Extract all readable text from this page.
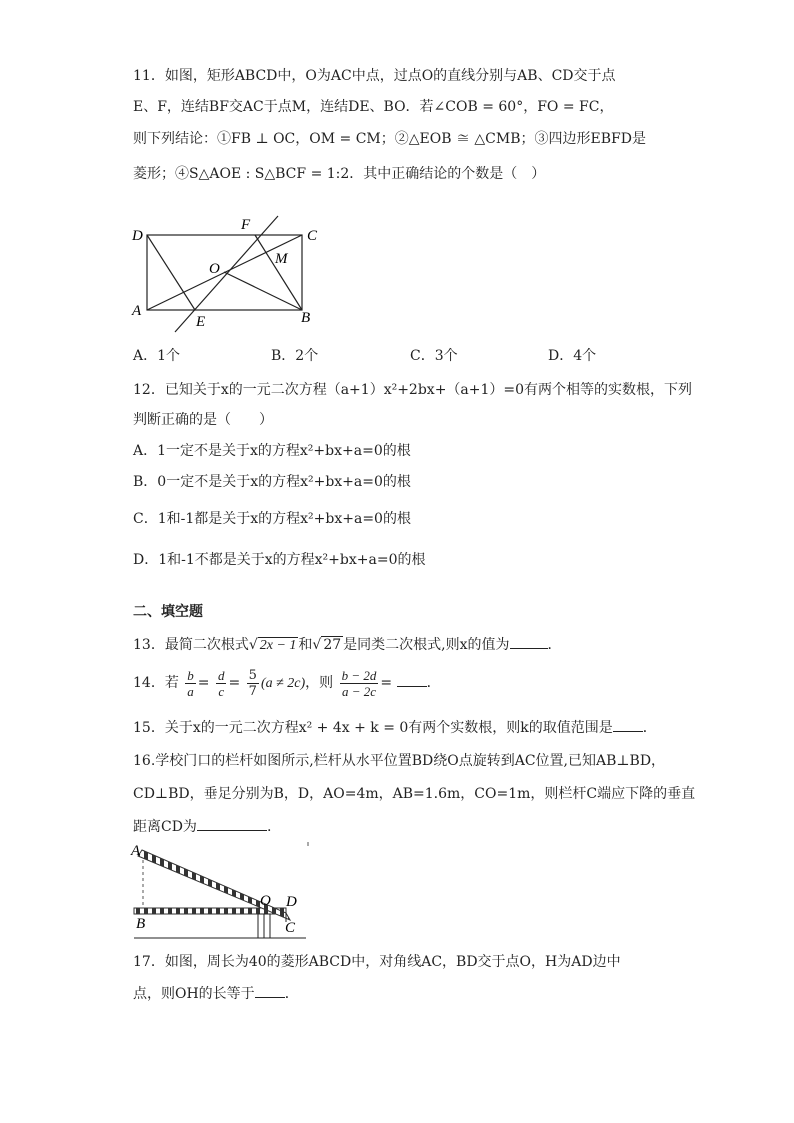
11．如图，矩形ABCD中，O为AC中点，过点O的直线分别与AB、CD交于点
E、F，连结BF交AC于点M，连结DE、BO．若∠COB = 60°，FO = FC，
则下列结论：①FB ⊥ OC，OM = CM；②△EOB ≅ △CMB；③四边形EBFD是
菱形；④S△AOE : S△BCF = 1:2．其中正确结论的个数是（　）
D
F
C
O
M
A
E	B
A．1个	B．2个	C．3个	D．4个
12．已知关于x的一元二次方程（a+1）x²+2bx+（a+1）=0有两个相等的实数根，下列
判断正确的是（　　）
A．1一定不是关于x的方程x²+bx+a=0的根
B．0一定不是关于x的方程x²+bx+a=0的根
C．1和-1都是关于x的方程x²+bx+a=0的根
D．1和-1不都是关于x的方程x²+bx+a=0的根
二、填空题
13．最简二次根式√ 2x − 1 和√ 27 是同类二次根式,则x的值为	．
14．若 $\frac{b}{a} = \frac{d}{c} = \frac{5}{7} (a \ne 2c)$，则 $\frac{b - 2d}{a - 2c}$ = ．
15．关于x的一元二次方程x² + 4x + k = 0有两个实数根，则k的取值范围是 ．
16.学校门口的栏杆如图所示,栏杆从水平位置BD绕O点旋转到AC位置,已知AB⊥BD，
CD⊥BD，垂足分别为B，D，AO=4m，AB=1.6m，CO=1m，则栏杆C端应下降的垂直
距离CD为	.
A
B
O D
C
17．如图，周长为40的菱形ABCD中，对角线AC，BD交于点O，H为AD边中
点，则OH的长等于 ．
